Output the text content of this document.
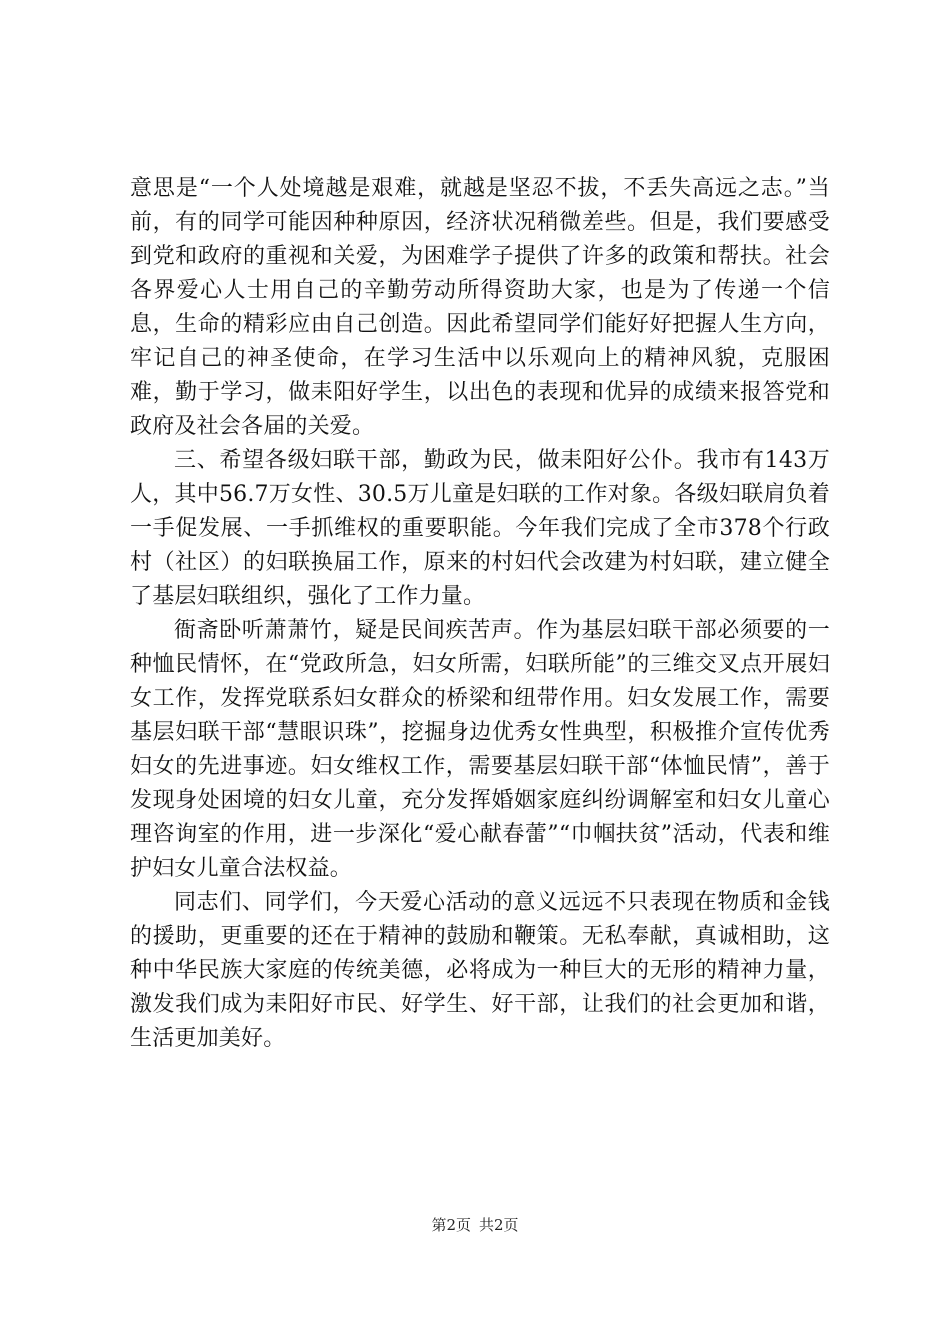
意思是“一个人处境越是艰难，就越是坚忍不拔，不丢失高远之志。”当前，有的同学可能因种种原因，经济状况稍微差些。但是，我们要感受到党和政府的重视和关爱，为困难学子提供了许多的政策和帮扶。社会各界爱心人士用自己的辛勤劳动所得资助大家，也是为了传递一个信息，生命的精彩应由自己创造。因此希望同学们能好好把握人生方向，牢记自己的神圣使命，在学习生活中以乐观向上的精神风貌，克服困难，勤于学习，做耒阳好学生，以出色的表现和优异的成绩来报答党和政府及社会各届的关爱。

三、希望各级妇联干部，勤政为民，做耒阳好公仆。我市有143万人，其中56.7万女性、30.5万儿童是妇联的工作对象。各级妇联肩负着一手促发展、一手抓维权的重要职能。今年我们完成了全市378个行政村（社区）的妇联换届工作，原来的村妇代会改建为村妇联，建立健全了基层妇联组织，强化了工作力量。

衙斋卧听萧萧竹，疑是民间疾苦声。作为基层妇联干部必须要的一种恤民情怀，在“党政所急，妇女所需，妇联所能”的三维交叉点开展妇女工作，发挥党联系妇女群众的桥梁和纽带作用。妇女发展工作，需要基层妇联干部“慧眼识珠”，挖掘身边优秀女性典型，积极推介宣传优秀妇女的先进事迹。妇女维权工作，需要基层妇联干部“体恤民情”，善于发现身处困境的妇女儿童，充分发挥婚姻家庭纠纷调解室和妇女儿童心理咨询室的作用，进一步深化“爱心献春蕾”“巾帼扶贫”活动，代表和维护妇女儿童合法权益。

同志们、同学们，今天爱心活动的意义远远不只表现在物质和金钱的援助，更重要的还在于精神的鼓励和鞭策。无私奉献，真诚相助，这种中华民族大家庭的传统美德，必将成为一种巨大的无形的精神力量，激发我们成为耒阳好市民、好学生、好干部，让我们的社会更加和谐，生活更加美好。

第2页 共2页
